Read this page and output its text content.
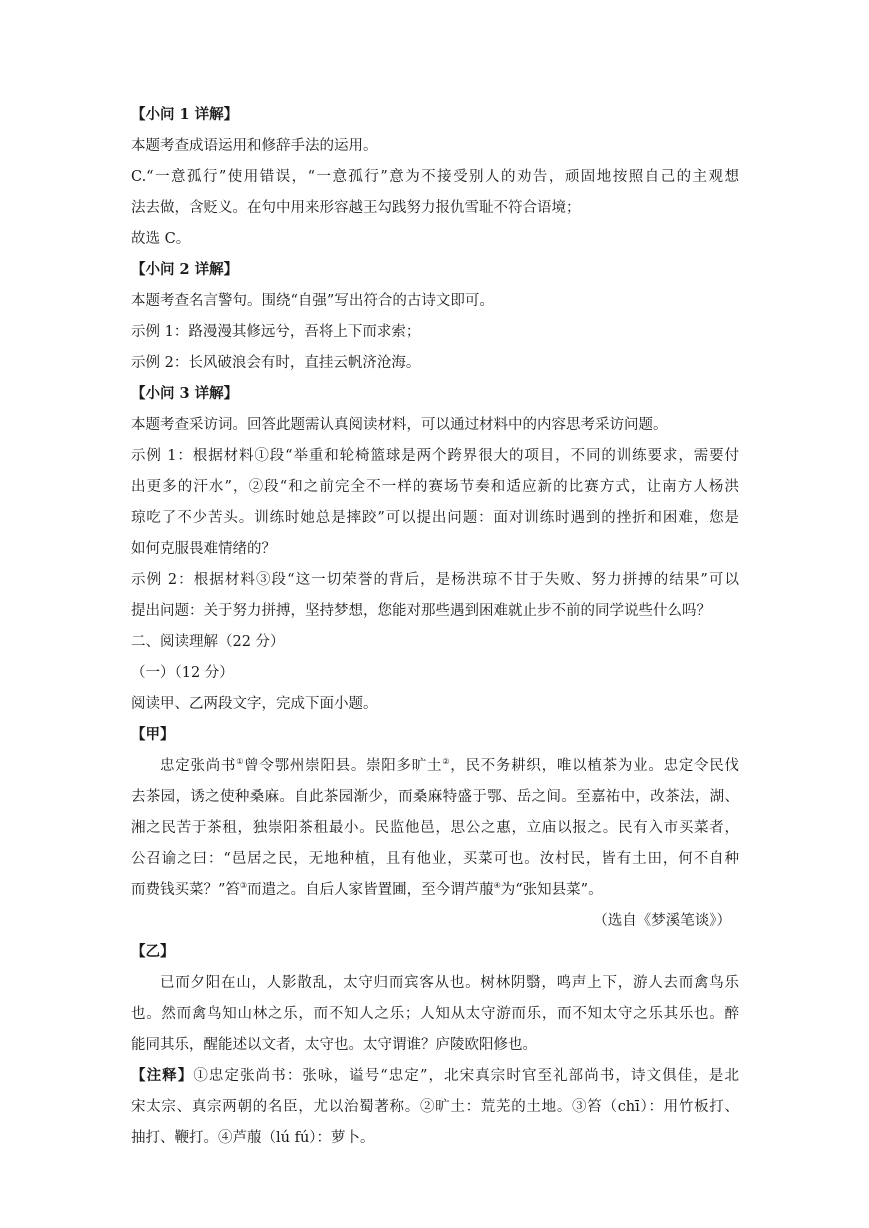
【小问 1 详解】
本题考查成语运用和修辞手法的运用。
C.“一意孤行”使用错误，“一意孤行”意为不接受别人的劝告，顽固地按照自己的主观想
法去做，含贬义。在句中用来形容越王勾践努力报仇雪耻不符合语境；
故选 C。
【小问 2 详解】
本题考查名言警句。围绕“自强”写出符合的古诗文即可。
示例 1：路漫漫其修远兮，吾将上下而求索；
示例 2：长风破浪会有时，直挂云帆济沧海。
【小问 3 详解】
本题考查采访词。回答此题需认真阅读材料，可以通过材料中的内容思考采访问题。
示例 1：根据材料①段“举重和轮椅篮球是两个跨界很大的项目，不同的训练要求，需要付
出更多的汗水”，②段“和之前完全不一样的赛场节奏和适应新的比赛方式，让南方人杨洪
琼吃了不少苦头。训练时她总是摔跤”可以提出问题：面对训练时遇到的挫折和困难，您是
如何克服畏难情绪的？
示例 2：根据材料③段“这一切荣誉的背后，是杨洪琼不甘于失败、努力拼搏的结果”可以
提出问题：关于努力拼搏，坚持梦想，您能对那些遇到困难就止步不前的同学说些什么吗？
二、阅读理解（22 分）
（一）（12 分）
阅读甲、乙两段文字，完成下面小题。
【甲】
忠定张尚书①曾令鄂州崇阳县。崇阳多旷土②，民不务耕织，唯以植茶为业。忠定令民伐
去茶园，诱之使种桑麻。自此茶园渐少，而桑麻特盛于鄂、岳之间。至嘉祐中，改茶法，湖、
湘之民苦于茶租，独崇阳茶租最小。民监他邑，思公之惠，立庙以报之。民有入市买菜者，
公召谕之曰：“邑居之民，无地种植，且有他业，买菜可也。汝村民，皆有土田，何不自种
而费钱买菜？”笞③而遣之。自后人家皆置圃，至今谓芦菔④为“张知县菜”。
（选自《梦溪笔谈》）
【乙】
已而夕阳在山，人影散乱，太守归而宾客从也。树林阴翳，鸣声上下，游人去而禽鸟乐
也。然而禽鸟知山林之乐，而不知人之乐；人知从太守游而乐，而不知太守之乐其乐也。醉
能同其乐，醒能述以文者，太守也。太守谓谁？庐陵欧阳修也。
【注释】①忠定张尚书：张咏，谥号“忠定”，北宋真宗时官至礼部尚书，诗文俱佳，是北
宋太宗、真宗两朝的名臣，尤以治蜀著称。②旷土：荒芜的土地。③笞（chī）：用竹板打、
抽打、鞭打。④芦菔（lú fú）：萝卜。
